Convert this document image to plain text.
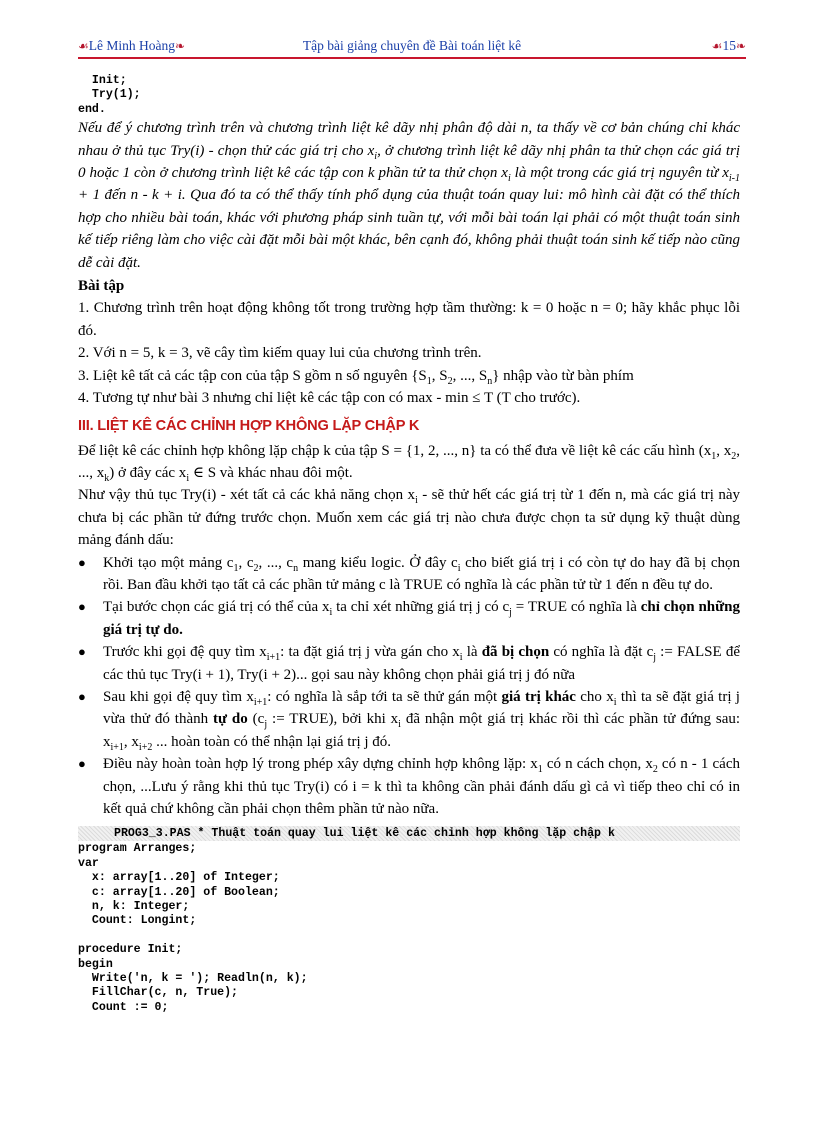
☙Lê Minh Hoàng❧	Tập bài giảng chuyên đề Bài toán liệt kê	☙15❧
Init;
Try(1);
end.

Nếu để ý chương trình trên và chương trình liệt kê dãy nhị phân độ dài n, ta thấy về cơ bản chúng chỉ khác nhau ở thủ tục Try(i) - chọn thử các giá trị cho $x_i$, ở chương trình liệt kê dãy nhị phân ta thử chọn các giá trị 0 hoặc 1 còn ở chương trình liệt kê các tập con k phần tử ta thử chọn $x_i$ là một trong các giá trị nguyên từ $x_{i-1} + 1$ đến n - k + i. Qua đó ta có thể thấy tính phổ dụng của thuật toán quay lui: mô hình cài đặt có thể thích hợp cho nhiều bài toán, khác với phương pháp sinh tuần tự, với mỗi bài toán lại phải có một thuật toán sinh kế tiếp riêng làm cho việc cài đặt mỗi bài một khác, bên cạnh đó, không phải thuật toán sinh kế tiếp nào cũng dễ cài đặt.

Bài tập

1. Chương trình trên hoạt động không tốt trong trường hợp tầm thường: k = 0 hoặc n = 0; hãy khắc phục lỗi đó.

2. Với n = 5, k = 3, vẽ cây tìm kiếm quay lui của chương trình trên.

3. Liệt kê tất cả các tập con của tập S gồm n số nguyên {$S_1$, $S_2$, ..., $S_n$} nhập vào từ bàn phím

4. Tương tự như bài 3 nhưng chỉ liệt kê các tập con có max - min ≤ T (T cho trước).

III. LIỆT KÊ CÁC CHỈNH HỢP KHÔNG LẶP CHẬP K

Để liệt kê các chỉnh hợp không lặp chập k của tập S = {1, 2, ..., n} ta có thể đưa về liệt kê các cấu hình ($x_1$, $x_2$, ..., $x_k$) ở đây các $x_i$ ∈ S và khác nhau đôi một.

Như vậy thủ tục Try(i) - xét tất cả các khả năng chọn $x_i$ - sẽ thử hết các giá trị từ 1 đến n, mà các giá trị này chưa bị các phần tử đứng trước chọn. Muốn xem các giá trị nào chưa được chọn ta sử dụng kỹ thuật dùng mảng đánh dấu:

● Khởi tạo một mảng $c_1$, $c_2$, ..., $c_n$ mang kiểu logic. Ở đây $c_i$ cho biết giá trị i có còn tự do hay đã bị chọn rồi. Ban đầu khởi tạo tất cả các phần tử mảng c là TRUE có nghĩa là các phần tử từ 1 đến n đều tự do.
● Tại bước chọn các giá trị có thể của $x_i$ ta chỉ xét những giá trị j có $c_j$ = TRUE có nghĩa là chỉ chọn những giá trị tự do.
● Trước khi gọi đệ quy tìm $x_{i+1}$: ta đặt giá trị j vừa gán cho $x_i$ là đã bị chọn có nghĩa là đặt $c_j$ := FALSE để các thủ tục Try(i + 1), Try(i + 2)... gọi sau này không chọn phải giá trị j đó nữa
● Sau khi gọi đệ quy tìm $x_{i+1}$: có nghĩa là sắp tới ta sẽ thử gán một giá trị khác cho $x_i$ thì ta sẽ đặt giá trị j vừa thử đó thành tự do ($c_j$ := TRUE), bởi khi $x_i$ đã nhận một giá trị khác rồi thì các phần tử đứng sau: $x_{i+1}$, $x_{i+2}$ ... hoàn toàn có thể nhận lại giá trị j đó.
● Điều này hoàn toàn hợp lý trong phép xây dựng chỉnh hợp không lặp: $x_1$ có n cách chọn, $x_2$ có n - 1 cách chọn, ...Lưu ý rằng khi thủ tục Try(i) có i = k thì ta không cần phải đánh dấu gì cả vì tiếp theo chỉ có in kết quả chứ không cần phải chọn thêm phần tử nào nữa.
PROG3_3.PAS * Thuật toán quay lui liệt kê các chỉnh hợp không lặp chập k
program Arranges;
var
x: array[1..20] of Integer;
c: array[1..20] of Boolean;
n, k: Integer;
Count: Longint;

procedure Init;
begin
Write('n, k = '); Readln(n, k);
FillChar(c, n, True);
Count := 0;
